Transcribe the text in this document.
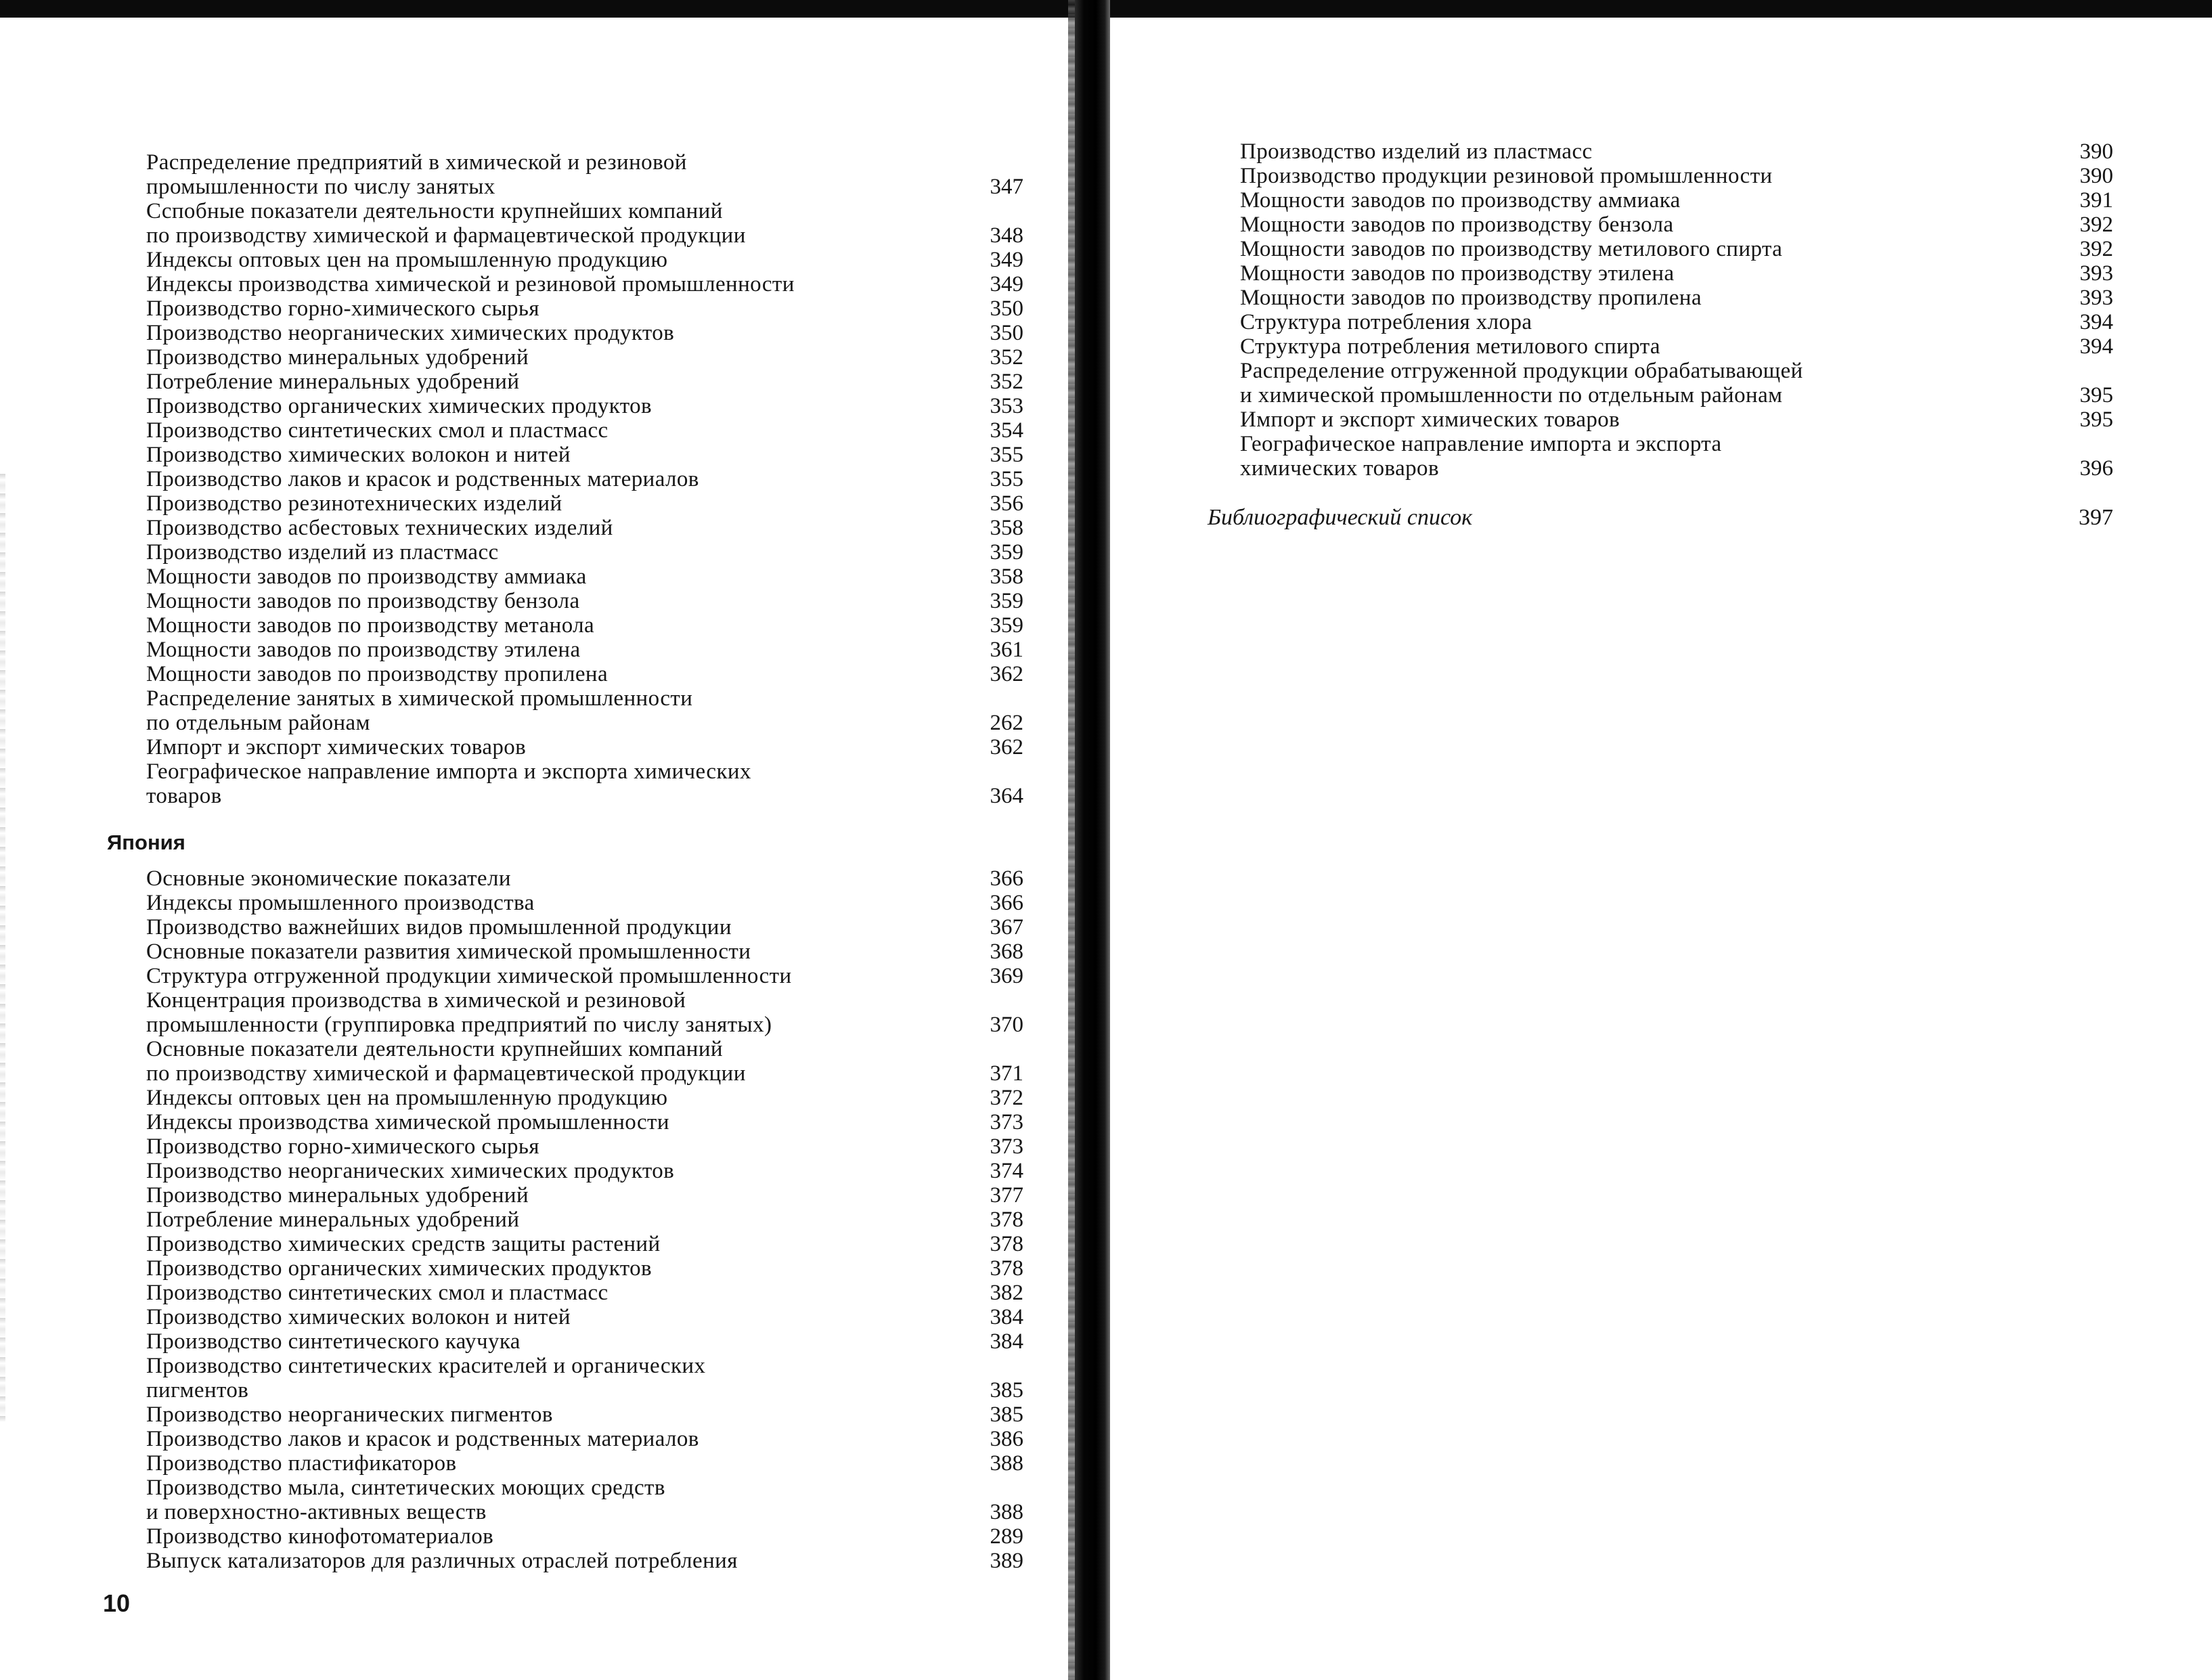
Распределение предприятий в химической и резиновой
промышленности по числу занятых	347
Сспобные показатели деятельности крупнейших компаний
по производству химической и фармацевтической продукции	348
Индексы оптовых цен на промышленную продукцию	349
Индексы производства химической и резиновой промышленности	349
Производство горно-химического сырья	350
Производство неорганических химических продуктов	350
Производство минеральных удобрений	352
Потребление минеральных удобрений	352
Производство органических химических продуктов	353
Производство синтетических смол и пластмасс	354
Производство химических волокон и нитей	355
Производство лаков и красок и родственных материалов	355
Производство резинотехнических изделий	356
Производство асбестовых технических изделий	358
Производство изделий из пластмасс	359
Мощности заводов по производству аммиака	358
Мощности заводов по производству бензола	359
Мощности заводов по производству метанола	359
Мощности заводов по производству этилена	361
Мощности заводов по производству пропилена	362
Распределение занятых в химической промышленности
по отдельным районам	262
Импорт и экспорт химических товаров	362
Географическое направление импорта и экспорта химических
товаров	364
Япония
Основные экономические показатели	366
Индексы промышленного производства	366
Производство важнейших видов промышленной продукции	367
Основные показатели развития химической промышленности	368
Структура отгруженной продукции химической промышленности	369
Концентрация производства в химической и резиновой
промышленности (группировка предприятий по числу занятых)	370
Основные показатели деятельности крупнейших компаний
по производству химической и фармацевтической продукции	371
Индексы оптовых цен на промышленную продукцию	372
Индексы производства химической промышленности	373
Производство горно-химического сырья	373
Производство неорганических химических продуктов	374
Производство минеральных удобрений	377
Потребление минеральных удобрений	378
Производство химических средств защиты растений	378
Производство органических химических продуктов	378
Производство синтетических смол и пластмасс	382
Производство химических волокон и нитей	384
Производство синтетического каучука	384
Производство синтетических красителей и органических
пигментов	385
Производство неорганических пигментов	385
Производство лаков и красок и родственных материалов	386
Производство пластификаторов	388
Производство мыла, синтетических моющих средств
и поверхностно-активных веществ	388
Производство кинофотоматериалов	289
Выпуск катализаторов для различных отраслей потребления	389
10
Производство изделий из пластмасс	390
Производство продукции резиновой промышленности	390
Мощности заводов по производству аммиака	391
Мощности заводов по производству бензола	392
Мощности заводов по производству метилового спирта	392
Мощности заводов по производству этилена	393
Мощности заводов по производству пропилена	393
Структура потребления хлора	394
Структура потребления метилового спирта	394
Распределение отгруженной продукции обрабатывающей
и химической промышленности по отдельным районам	395
Импорт и экспорт химических товаров	395
Географическое направление импорта и экспорта
химических товаров	396
Библиографический список	397
